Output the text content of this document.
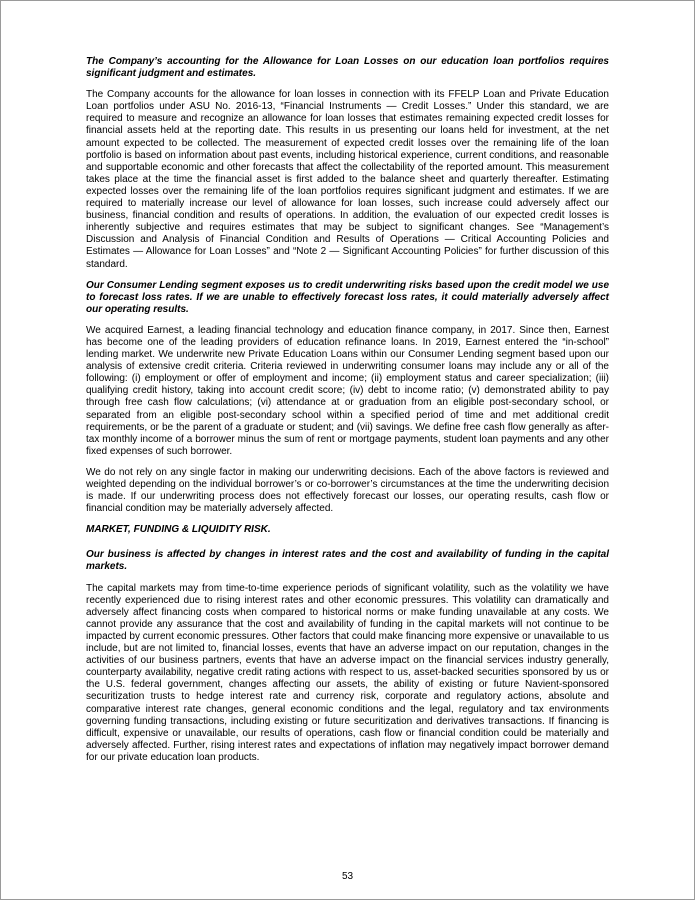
The Company’s accounting for the Allowance for Loan Losses on our education loan portfolios requires significant judgment and estimates.

The Company accounts for the allowance for loan losses in connection with its FFELP Loan and Private Education Loan portfolios under ASU No. 2016-13, “Financial Instruments — Credit Losses.” Under this standard, we are required to measure and recognize an allowance for loan losses that estimates remaining expected credit losses for financial assets held at the reporting date. This results in us presenting our loans held for investment, at the net amount expected to be collected. The measurement of expected credit losses over the remaining life of the loan portfolio is based on information about past events, including historical experience, current conditions, and reasonable and supportable economic and other forecasts that affect the collectability of the reported amount. This measurement takes place at the time the financial asset is first added to the balance sheet and quarterly thereafter. Estimating expected losses over the remaining life of the loan portfolios requires significant judgment and estimates. If we are required to materially increase our level of allowance for loan losses, such increase could adversely affect our business, financial condition and results of operations. In addition, the evaluation of our expected credit losses is inherently subjective and requires estimates that may be subject to significant changes. See “Management’s Discussion and Analysis of Financial Condition and Results of Operations — Critical Accounting Policies and Estimates — Allowance for Loan Losses” and “Note 2 — Significant Accounting Policies” for further discussion of this standard.

Our Consumer Lending segment exposes us to credit underwriting risks based upon the credit model we use to forecast loss rates. If we are unable to effectively forecast loss rates, it could materially adversely affect our operating results.

We acquired Earnest, a leading financial technology and education finance company, in 2017. Since then, Earnest has become one of the leading providers of education refinance loans. In 2019, Earnest entered the “in-school” lending market. We underwrite new Private Education Loans within our Consumer Lending segment based upon our analysis of extensive credit criteria. Criteria reviewed in underwriting consumer loans may include any or all of the following: (i) employment or offer of employment and income; (ii) employment status and career specialization; (iii) qualifying credit history, taking into account credit score; (iv) debt to income ratio; (v) demonstrated ability to pay through free cash flow calculations; (vi) attendance at or graduation from an eligible post-secondary school, or separated from an eligible post-secondary school within a specified period of time and met additional credit requirements, or be the parent of a graduate or student; and (vii) savings. We define free cash flow generally as after-tax monthly income of a borrower minus the sum of rent or mortgage payments, student loan payments and any other fixed expenses of such borrower.

We do not rely on any single factor in making our underwriting decisions. Each of the above factors is reviewed and weighted depending on the individual borrower’s or co-borrower’s circumstances at the time the underwriting decision is made. If our underwriting process does not effectively forecast our losses, our operating results, cash flow or financial condition may be materially adversely affected.

MARKET, FUNDING & LIQUIDITY RISK.

Our business is affected by changes in interest rates and the cost and availability of funding in the capital markets.

The capital markets may from time-to-time experience periods of significant volatility, such as the volatility we have recently experienced due to rising interest rates and other economic pressures. This volatility can dramatically and adversely affect financing costs when compared to historical norms or make funding unavailable at any costs. We cannot provide any assurance that the cost and availability of funding in the capital markets will not continue to be impacted by current economic pressures. Other factors that could make financing more expensive or unavailable to us include, but are not limited to, financial losses, events that have an adverse impact on our reputation, changes in the activities of our business partners, events that have an adverse impact on the financial services industry generally, counterparty availability, negative credit rating actions with respect to us, asset-backed securities sponsored by us or the U.S. federal government, changes affecting our assets, the ability of existing or future Navient-sponsored securitization trusts to hedge interest rate and currency risk, corporate and regulatory actions, absolute and comparative interest rate changes, general economic conditions and the legal, regulatory and tax environments governing funding transactions, including existing or future securitization and derivatives transactions. If financing is difficult, expensive or unavailable, our results of operations, cash flow or financial condition could be materially and adversely affected. Further, rising interest rates and expectations of inflation may negatively impact borrower demand for our private education loan products.

53
